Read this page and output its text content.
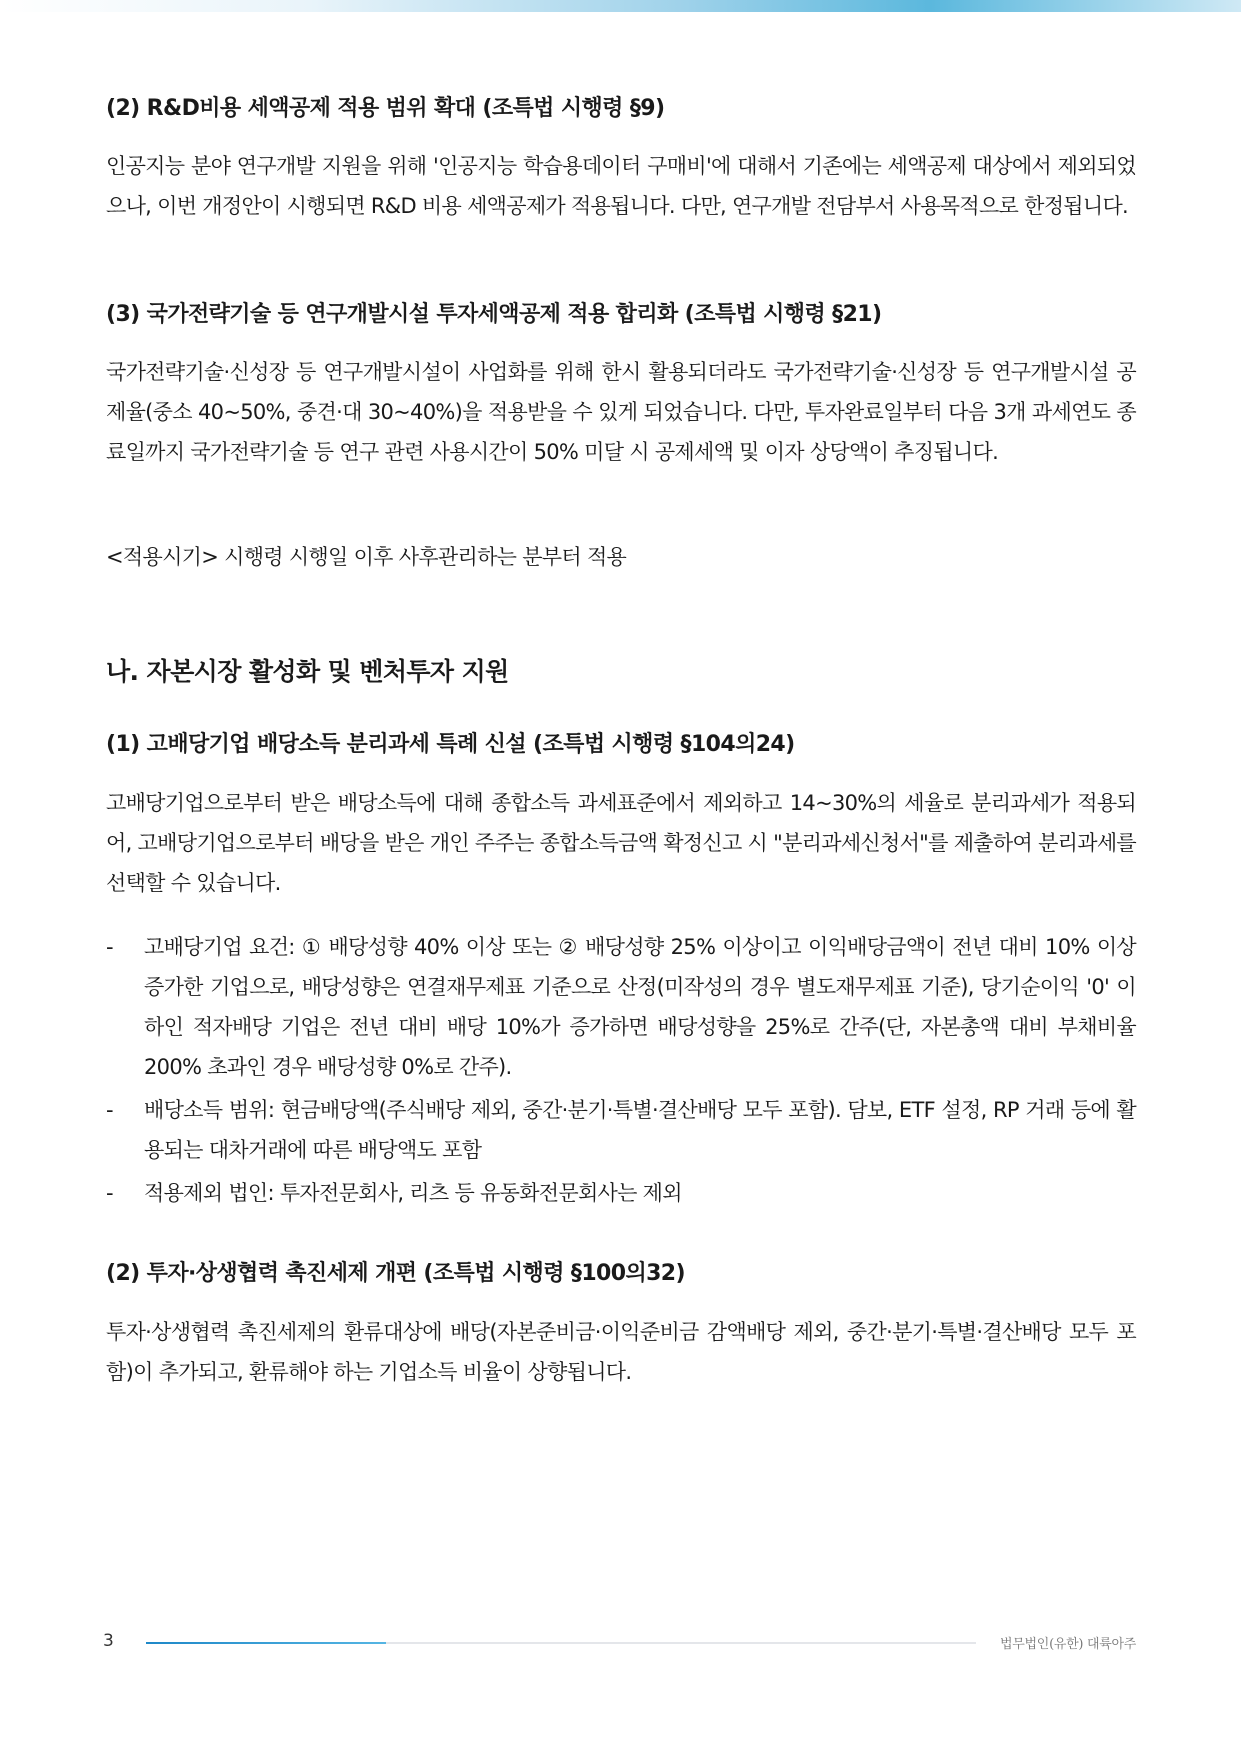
(2) R&D비용 세액공제 적용 범위 확대 (조특법 시행령 §9)

인공지능 분야 연구개발 지원을 위해 '인공지능 학습용데이터 구매비'에 대해서 기존에는 세액공제 대상에서 제외되었으나, 이번 개정안이 시행되면 R&D 비용 세액공제가 적용됩니다. 다만, 연구개발 전담부서 사용목적으로 한정됩니다.

(3) 국가전략기술 등 연구개발시설 투자세액공제 적용 합리화 (조특법 시행령 §21)

국가전략기술·신성장 등 연구개발시설이 사업화를 위해 한시 활용되더라도 국가전략기술·신성장 등 연구개발시설 공제율(중소 40~50%, 중견·대 30~40%)을 적용받을 수 있게 되었습니다. 다만, 투자완료일부터 다음 3개 과세연도 종료일까지 국가전략기술 등 연구 관련 사용시간이 50% 미달 시 공제세액 및 이자 상당액이 추징됩니다.

<적용시기> 시행령 시행일 이후 사후관리하는 분부터 적용

나. 자본시장 활성화 및 벤처투자 지원
(1) 고배당기업 배당소득 분리과세 특례 신설 (조특법 시행령 §104의24)

고배당기업으로부터 받은 배당소득에 대해 종합소득 과세표준에서 제외하고 14~30%의 세율로 분리과세가 적용되어, 고배당기업으로부터 배당을 받은 개인 주주는 종합소득금액 확정신고 시 "분리과세신청서"를 제출하여 분리과세를 선택할 수 있습니다.

- 고배당기업 요건: ① 배당성향 40% 이상 또는 ② 배당성향 25% 이상이고 이익배당금액이 전년 대비 10% 이상 증가한 기업으로, 배당성향은 연결재무제표 기준으로 산정(미작성의 경우 별도재무제표 기준), 당기순이익 '0' 이하인 적자배당 기업은 전년 대비 배당 10%가 증가하면 배당성향을 25%로 간주(단, 자본총액 대비 부채비율 200% 초과인 경우 배당성향 0%로 간주).

- 배당소득 범위: 현금배당액(주식배당 제외, 중간·분기·특별·결산배당 모두 포함). 담보, ETF 설정, RP 거래 등에 활용되는 대차거래에 따른 배당액도 포함

- 적용제외 법인: 투자전문회사, 리츠 등 유동화전문회사는 제외

(2) 투자·상생협력 촉진세제 개편 (조특법 시행령 §100의32)

투자·상생협력 촉진세제의 환류대상에 배당(자본준비금·이익준비금 감액배당 제외, 중간·분기·특별·결산배당 모두 포함)이 추가되고, 환류해야 하는 기업소득 비율이 상향됩니다.

3	법무법인(유한) 대륙아주
